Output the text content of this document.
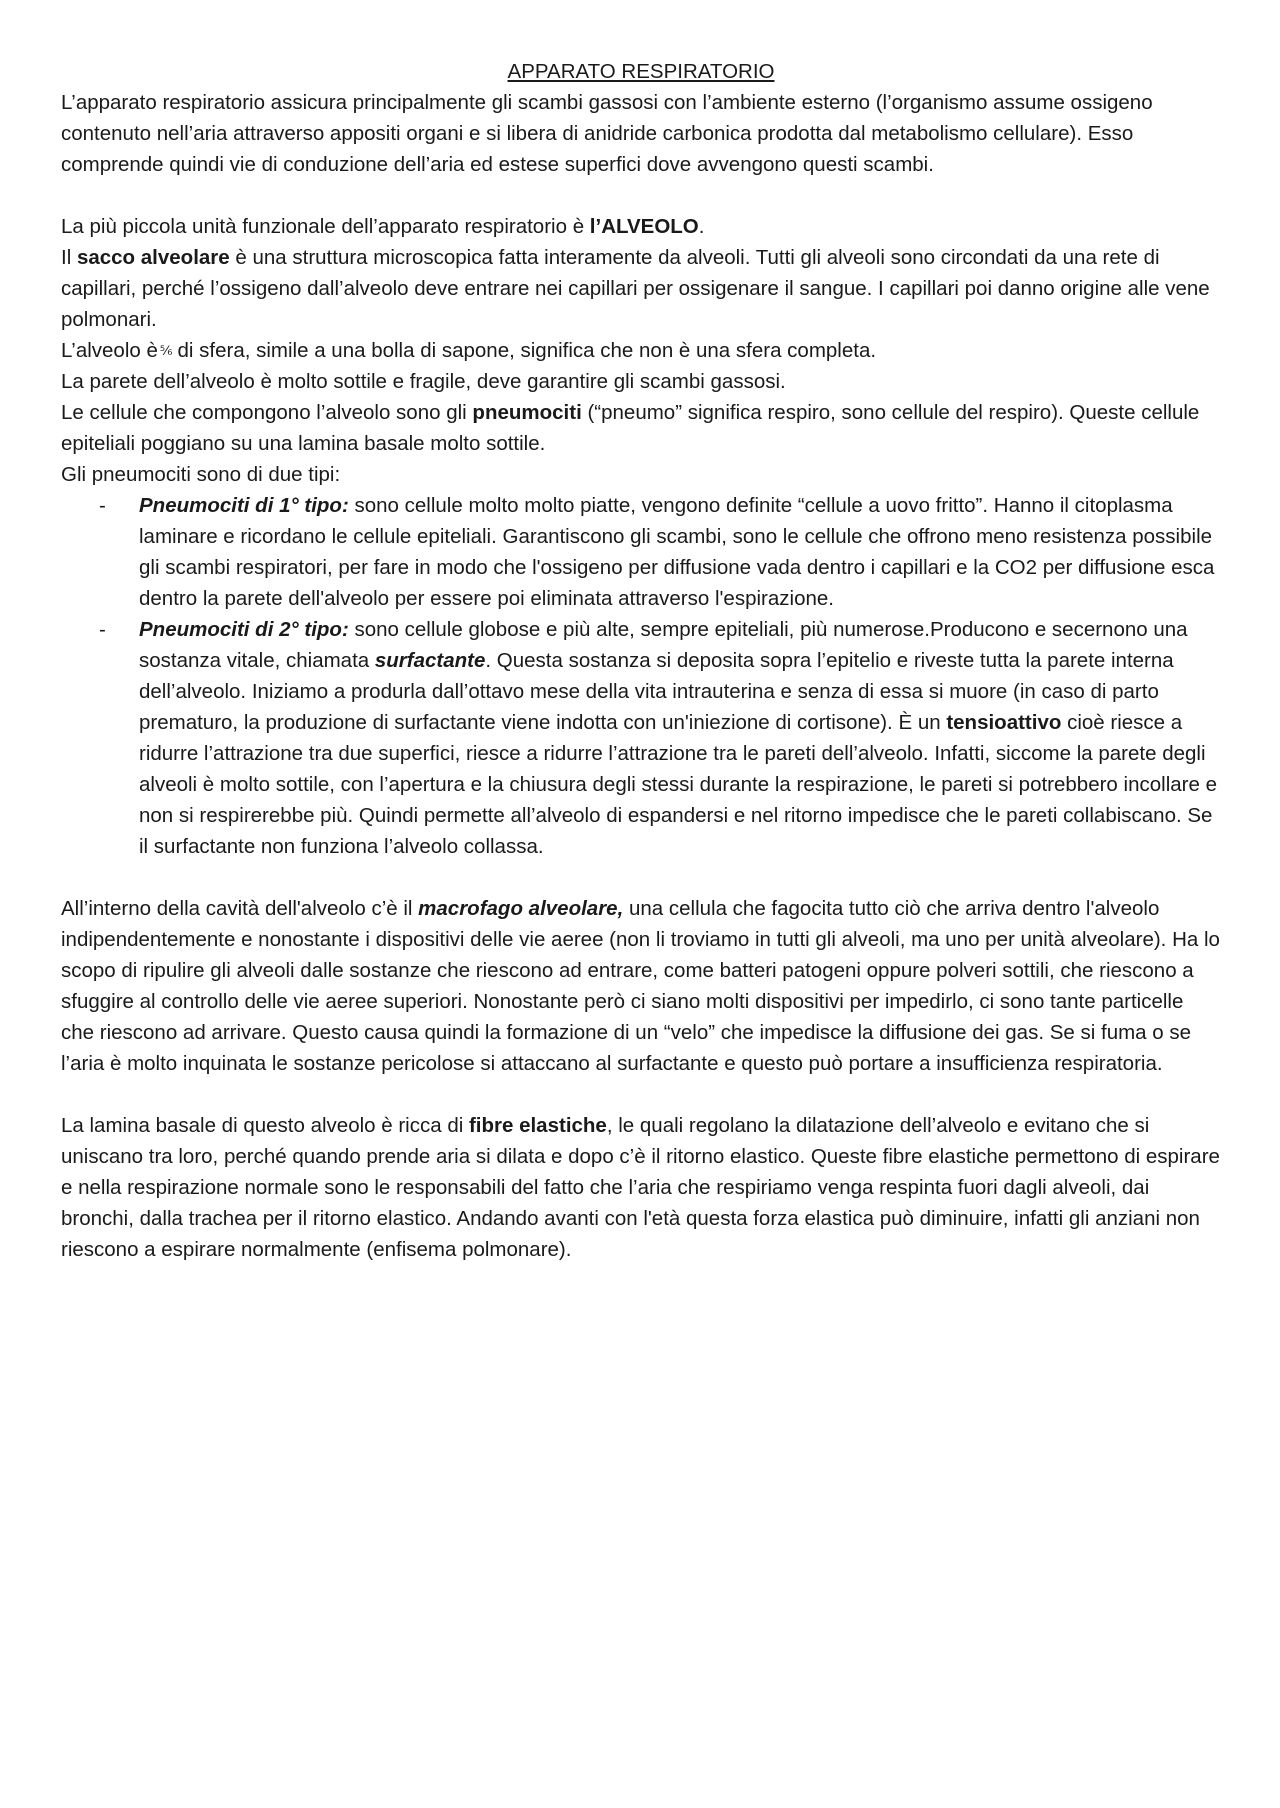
APPARATO RESPIRATORIO

L’apparato respiratorio assicura principalmente gli scambi gassosi con l’ambiente esterno (l’organismo assume ossigeno contenuto nell’aria attraverso appositi organi e si libera di anidride carbonica prodotta dal metabolismo cellulare). Esso comprende quindi vie di conduzione dell’aria ed estese superfici dove avvengono questi scambi.

La più piccola unità funzionale dell’apparato respiratorio è l’ALVEOLO.

Il sacco alveolare è una struttura microscopica fatta interamente da alveoli. Tutti gli alveoli sono circondati da una rete di capillari, perché l’ossigeno dall’alveolo deve entrare nei capillari per ossigenare il sangue. I capillari poi danno origine alle vene polmonari.

L’alveolo è ⅚ di sfera, simile a una bolla di sapone, significa che non è una sfera completa.

La parete dell’alveolo è molto sottile e fragile, deve garantire gli scambi gassosi.

Le cellule che compongono l’alveolo sono gli pneumociti (“pneumo” significa respiro, sono cellule del respiro). Queste cellule epiteliali poggiano su una lamina basale molto sottile.

Gli pneumociti sono di due tipi:

- Pneumociti di 1° tipo: sono cellule molto molto piatte, vengono definite “cellule a uovo fritto”. Hanno il citoplasma laminare e ricordano le cellule epiteliali. Garantiscono gli scambi, sono le cellule che offrono meno resistenza possibile gli scambi respiratori, per fare in modo che l'ossigeno per diffusione vada dentro i capillari e la CO2 per diffusione esca dentro la parete dell'alveolo per essere poi eliminata attraverso l'espirazione.
- Pneumociti di 2° tipo: sono cellule globose e più alte, sempre epiteliali, più numerose.Producono e secernono una sostanza vitale, chiamata surfactante. Questa sostanza si deposita sopra l’epitelio e riveste tutta la parete interna dell’alveolo. Iniziamo a produrla dall’ottavo mese della vita intrauterina e senza di essa si muore (in caso di parto prematuro, la produzione di surfactante viene indotta con un'iniezione di cortisone). È un tensioattivo cioè riesce a ridurre l’attrazione tra due superfici, riesce a ridurre l’attrazione tra le pareti dell’alveolo. Infatti, siccome la parete degli alveoli è molto sottile, con l’apertura e la chiusura degli stessi durante la respirazione, le pareti si potrebbero incollare e non si respirerebbe più. Quindi permette all’alveolo di espandersi e nel ritorno impedisce che le pareti collabiscano. Se il surfactante non funziona l’alveolo collassa.

All’interno della cavità dell'alveolo c’è il macrofago alveolare, una cellula che fagocita tutto ciò che arriva dentro l'alveolo indipendentemente e nonostante i dispositivi delle vie aeree (non li troviamo in tutti gli alveoli, ma uno per unità alveolare). Ha lo scopo di ripulire gli alveoli dalle sostanze che riescono ad entrare, come batteri patogeni oppure polveri sottili, che riescono a sfuggire al controllo delle vie aeree superiori. Nonostante però ci siano molti dispositivi per impedirlo, ci sono tante particelle che riescono ad arrivare. Questo causa quindi la formazione di un “velo” che impedisce la diffusione dei gas. Se si fuma o se l’aria è molto inquinata le sostanze pericolose si attaccano al surfactante e questo può portare a insufficienza respiratoria.

La lamina basale di questo alveolo è ricca di fibre elastiche, le quali regolano la dilatazione dell’alveolo e evitano che si uniscano tra loro, perché quando prende aria si dilata e dopo c’è il ritorno elastico. Queste fibre elastiche permettono di espirare e nella respirazione normale sono le responsabili del fatto che l’aria che respiriamo venga respinta fuori dagli alveoli, dai bronchi, dalla trachea per il ritorno elastico. Andando avanti con l'età questa forza elastica può diminuire, infatti gli anziani non riescono a espirare normalmente (enfisema polmonare).
